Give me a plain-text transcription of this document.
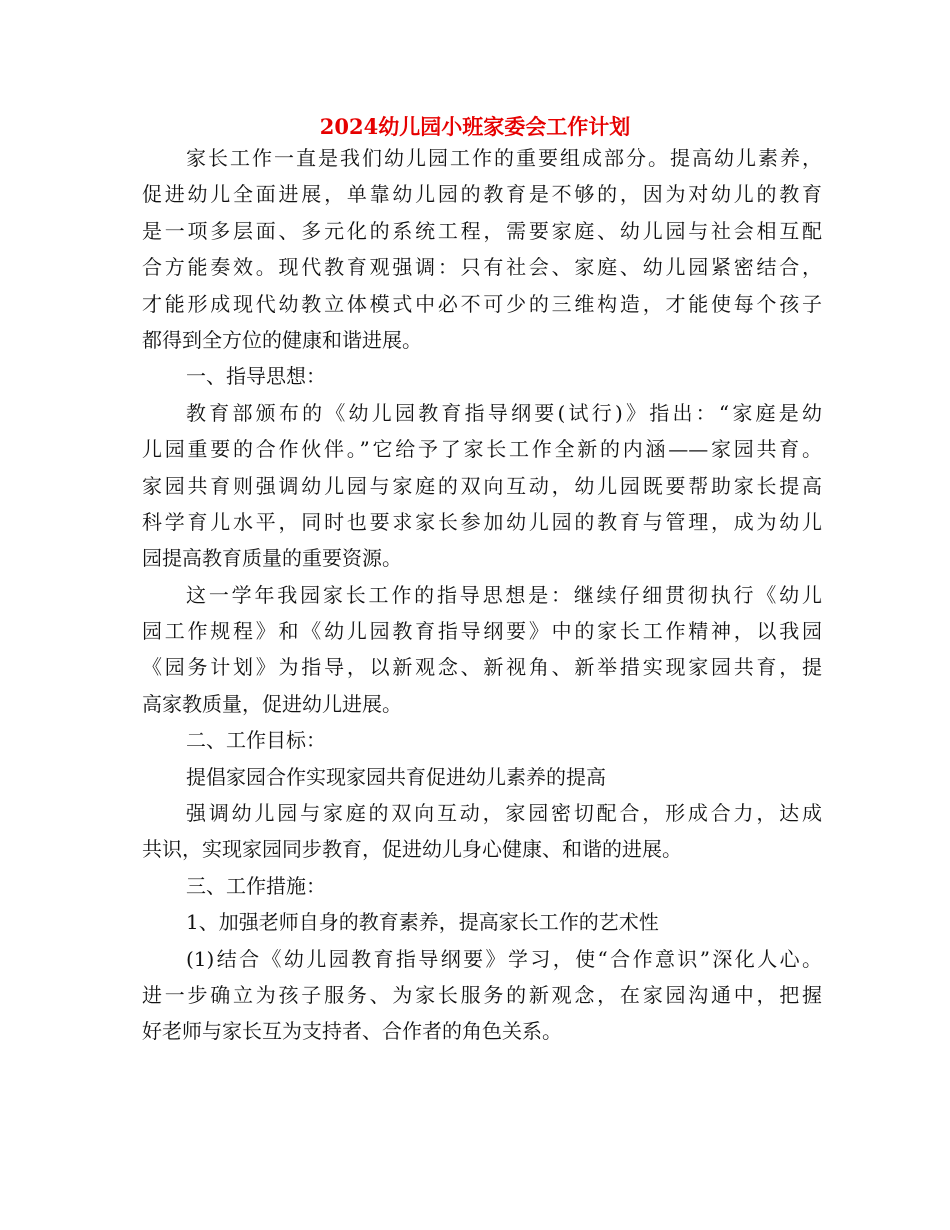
2024幼儿园小班家委会工作计划
家长工作一直是我们幼儿园工作的重要组成部分。提高幼儿素养，
促进幼儿全面进展，单靠幼儿园的教育是不够的，因为对幼儿的教育
是一项多层面、多元化的系统工程，需要家庭、幼儿园与社会相互配
合方能奏效。现代教育观强调：只有社会、家庭、幼儿园紧密结合，
才能形成现代幼教立体模式中必不可少的三维构造，才能使每个孩子
都得到全方位的健康和谐进展。
一、指导思想：
教育部颁布的《幼儿园教育指导纲要(试行)》指出：“家庭是幼
儿园重要的合作伙伴。”它给予了家长工作全新的内涵——家园共育。
家园共育则强调幼儿园与家庭的双向互动，幼儿园既要帮助家长提高
科学育儿水平，同时也要求家长参加幼儿园的教育与管理，成为幼儿
园提高教育质量的重要资源。
这一学年我园家长工作的指导思想是：继续仔细贯彻执行《幼儿
园工作规程》和《幼儿园教育指导纲要》中的家长工作精神，以我园
《园务计划》为指导，以新观念、新视角、新举措实现家园共育，提
高家教质量，促进幼儿进展。
二、工作目标：
提倡家园合作实现家园共育促进幼儿素养的提高
强调幼儿园与家庭的双向互动，家园密切配合，形成合力，达成
共识，实现家园同步教育，促进幼儿身心健康、和谐的进展。
三、工作措施：
1、加强老师自身的教育素养，提高家长工作的艺术性
(1)结合《幼儿园教育指导纲要》学习，使“合作意识”深化人心。
进一步确立为孩子服务、为家长服务的新观念，在家园沟通中，把握
好老师与家长互为支持者、合作者的角色关系。
